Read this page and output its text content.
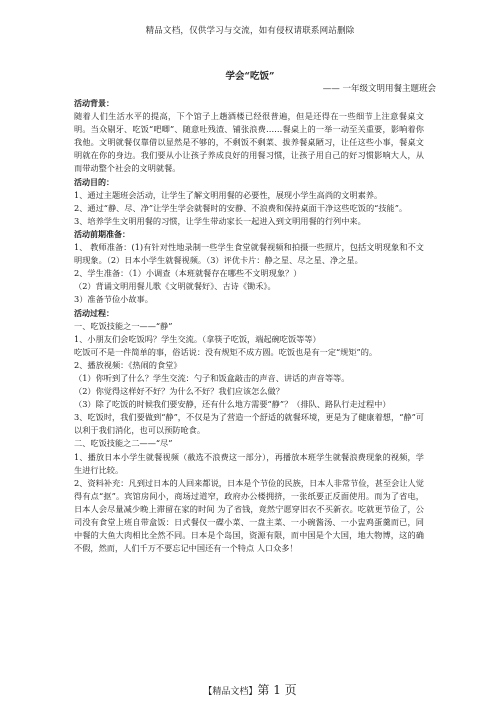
精品文档，仅供学习与交流，如有侵权请联系网站删除
学会“吃饭”
—— 一年级文明用餐主题班会

活动背景：

随着人们生活水平的提高，下个馆子上趟酒楼已经很普遍，但是还得在一些细节上注意餐桌文明。当众剔牙、吃饭“吧唧”、随意吐残渣、铺张浪费……餐桌上的一举一动至关重要，影响着你我他。文明就餐仅靠借以显然是不够的，不剩饭不剩菜、拔养餐桌陋习，让任这些小事，餐桌文明就在你的身边。我们要从小让孩子养成良好的用餐习惯，让孩子用自己的好习惯影响大人，从而带动整个社会的文明就餐。

活动目的：

1、通过主题班会活动，让学生了解文明用餐的必要性，展现小学生高尚的文明素养。

2、通过“静、尽、净”让学生学会就餐时的安静、不浪费和保持桌面干净这些吃饭的“技能”。

3、培养学生文明用餐的习惯，让学生带动家长一起进入到文明用餐的行列中来。

活动前期准备：

1、 教师准备：(1)有针对性地录制一些学生食堂就餐视频和拍摄一些照片，包括文明现象和不文明现象。（2）日本小学生就餐视频。（3）评优卡片：静之星、尽之星、净之星。

2、学生准备：（1）小调查（本班就餐存在哪些不文明现象？）

（2）背诵文明用餐儿歌《文明就餐好》、古诗《锄禾》。

3）准备节俭小故事。

活动过程：

一、吃饭技能之一——“静”

1、小朋友们会吃饭吗？学生交流。（拿筷子吃饭，端起碗吃饭等等）

吃饭可不是一件简单的事，俗话说：没有规矩不成方圆。吃饭也是有一定“规矩”的。

2、播放视频：《热闹的食堂》

（1）你听到了什么？学生交流：勺子和饭盒敲击的声音、讲话的声音等等。

（2）你觉得这样好不好？为什么不好？我们应该怎么做？

（3）除了吃饭的时候我们要安静，还有什么地方需要“静”？（排队、路队行走过程中）

3、吃饭时，我们要做到“静”，不仅是为了营造一个舒适的就餐环境，更是为了健康着想，“静”可以利于我们消化，也可以预防呛食。

二、吃饭技能之二——“尽”

1、播放日本小学生就餐视频（截选不浪费这一部分），再播放本班学生就餐浪费现象的视频，学生进行比较。

2、资料补充：凡到过日本的人回来都说，日本是个节俭的民族，日本人非常节俭，甚至会让人觉得有点“抠”。宾馆房间小，商场过道窄，政府办公楼拥挤，一张纸要正反面使用。而为了省电，日本人会尽量减少晚上滞留在家的时间 为了省钱，竟然宁愿穿旧衣不买新衣。吃就更节俭了，公司没有食堂上班自带盒饭：日式餐仅一碟小菜、一盘主菜、一小碗酱汤、一小盅鸡蛋羹而已，同中餐的大鱼大肉相比全然不同。日本是个岛国，资源有限，而中国是个大国，地大物博，这的确不假，然而，人们千万不要忘记中国还有一个特点 人口众多！

【精品文档】第 1 页
